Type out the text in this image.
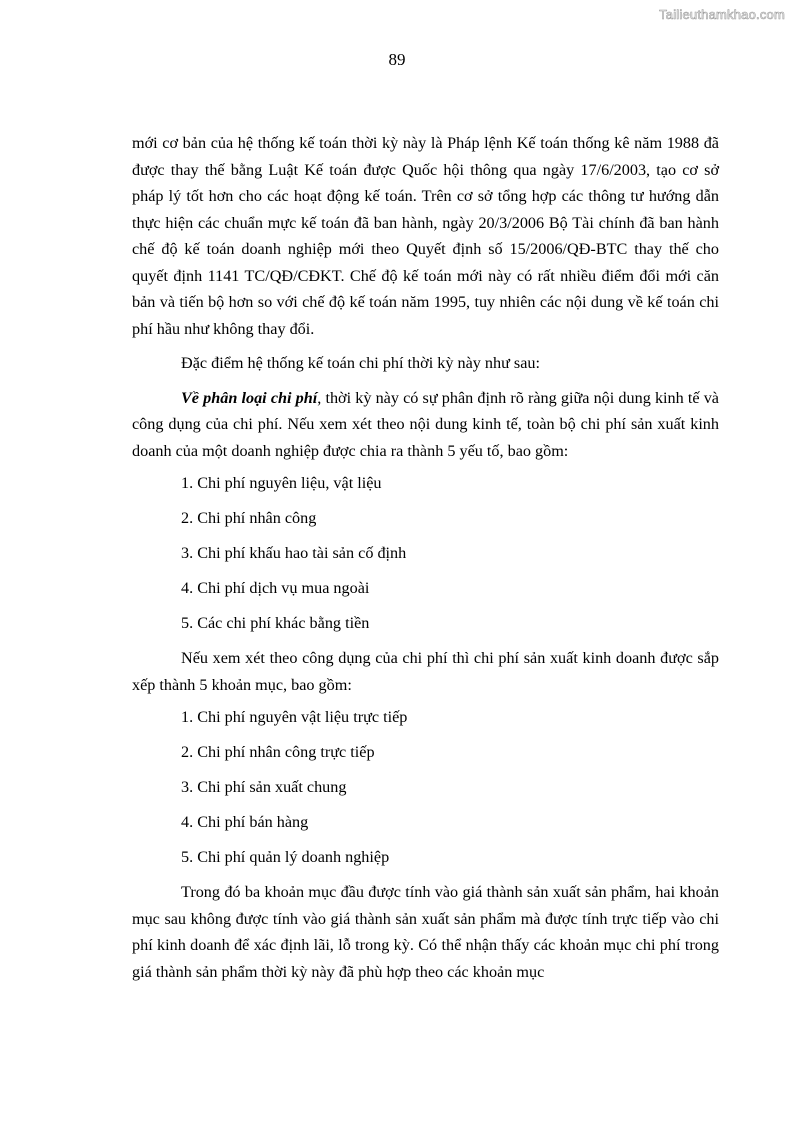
Tailieuthamkhao.com
89

mới cơ bản của hệ thống kế toán thời kỳ này là Pháp lệnh Kế toán thống kê năm 1988 đã được thay thế bằng Luật Kế toán được Quốc hội thông qua ngày 17/6/2003, tạo cơ sở pháp lý tốt hơn cho các hoạt động kế toán. Trên cơ sở tổng hợp các thông tư hướng dẫn thực hiện các chuẩn mực kế toán đã ban hành, ngày 20/3/2006 Bộ Tài chính đã ban hành chế độ kế toán doanh nghiệp mới theo Quyết định số 15/2006/QĐ-BTC thay thế cho quyết định 1141 TC/QĐ/CĐKT. Chế độ kế toán mới này có rất nhiều điểm đổi mới căn bản và tiến bộ hơn so với chế độ kế toán năm 1995, tuy nhiên các nội dung về kế toán chi phí hầu như không thay đổi.

Đặc điểm hệ thống kế toán chi phí thời kỳ này như sau:

Về phân loại chi phí, thời kỳ này có sự phân định rõ ràng giữa nội dung kinh tế và công dụng của chi phí. Nếu xem xét theo nội dung kinh tế, toàn bộ chi phí sản xuất kinh doanh của một doanh nghiệp được chia ra thành 5 yếu tố, bao gồm:

1. Chi phí nguyên liệu, vật liệu
2. Chi phí nhân công
3. Chi phí khấu hao tài sản cố định
4. Chi phí dịch vụ mua ngoài
5. Các chi phí khác bằng tiền

Nếu xem xét theo công dụng của chi phí thì chi phí sản xuất kinh doanh được sắp xếp thành 5 khoản mục, bao gồm:

1. Chi phí nguyên vật liệu trực tiếp
2. Chi phí nhân công trực tiếp
3. Chi phí sản xuất chung
4. Chi phí bán hàng
5. Chi phí quản lý doanh nghiệp

Trong đó ba khoản mục đầu được tính vào giá thành sản xuất sản phẩm, hai khoản mục sau không được tính vào giá thành sản xuất sản phẩm mà được tính trực tiếp vào chi phí kinh doanh để xác định lãi, lỗ trong kỳ. Có thể nhận thấy các khoản mục chi phí trong giá thành sản phẩm thời kỳ này đã phù hợp theo các khoản mục
